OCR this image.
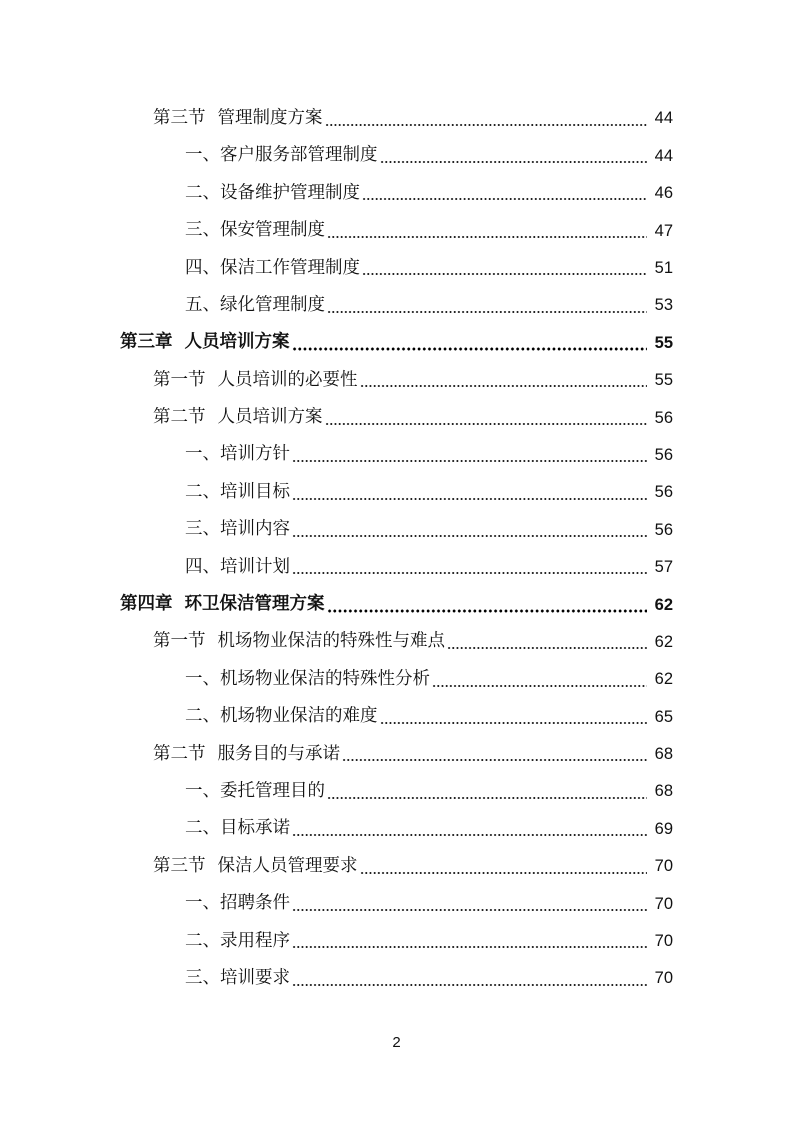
第三节 管理制度方案	44
一、 客户服务部管理制度	44
二、 设备维护管理制度	46
三、 保安管理制度	47
四、 保洁工作管理制度	51
五、 绿化管理制度	53
第三章 人员培训方案	55
第一节 人员培训的必要性	55
第二节 人员培训方案	56
一、 培训方针	56
二、 培训目标	56
三、 培训内容	56
四、 培训计划	57
第四章 环卫保洁管理方案	62
第一节 机场物业保洁的特殊性与难点	62
一、 机场物业保洁的特殊性分析	62
二、 机场物业保洁的难度	65
第二节 服务目的与承诺	68
一、 委托管理目的	68
二、 目标承诺	69
第三节 保洁人员管理要求	70
一、 招聘条件	70
二、 录用程序	70
三、 培训要求	70
2
